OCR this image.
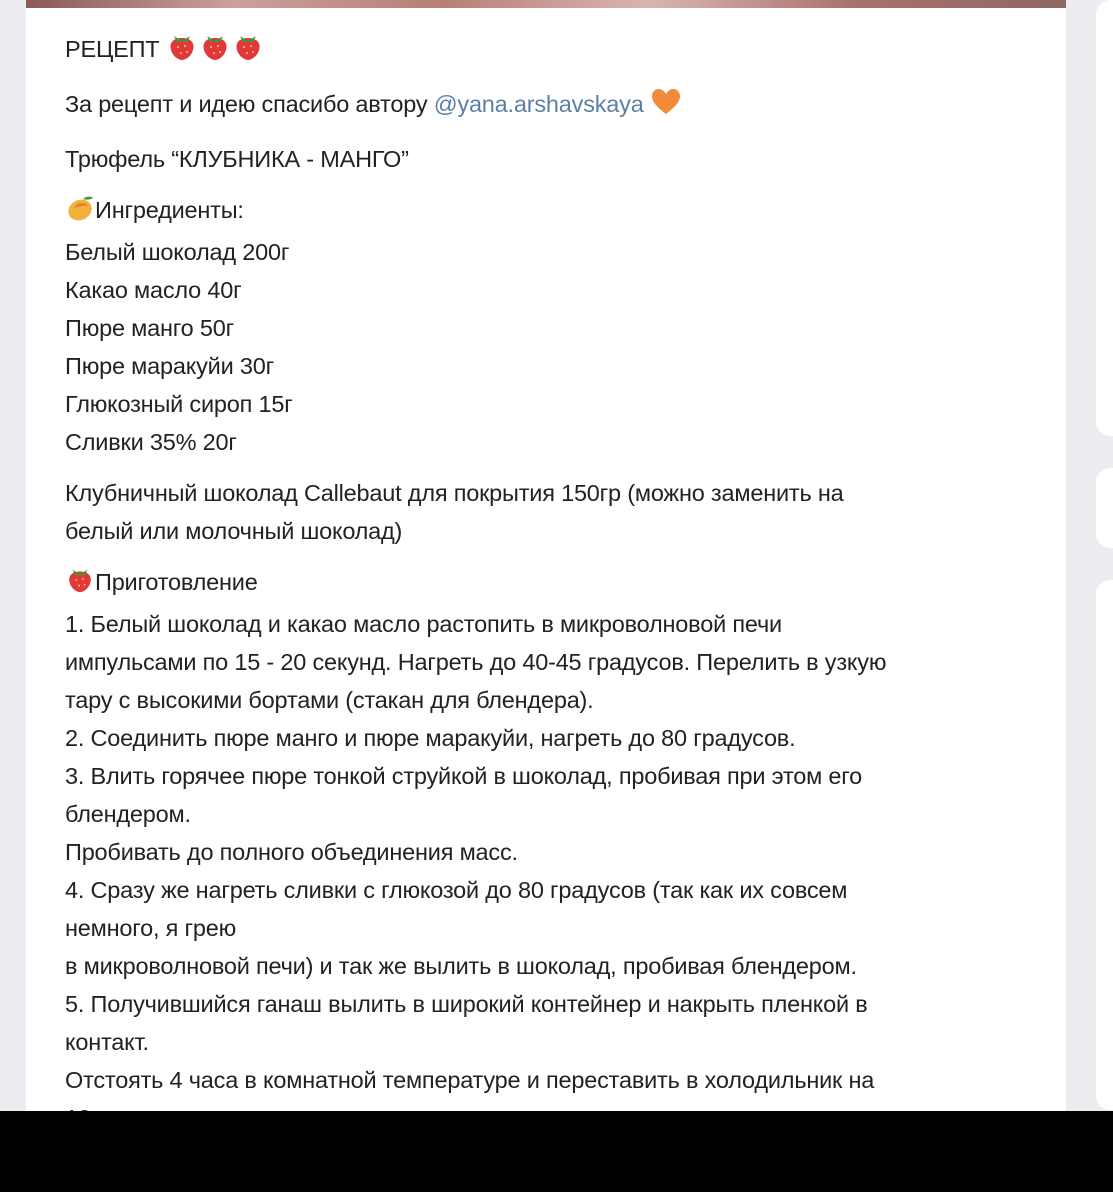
РЕЦЕПТ

За рецепт и идею спасибо автору @yana.arshavskaya

Трюфель “КЛУБНИКА - МАНГО”

Ингредиенты:

Белый шоколад 200г

Какао масло 40г

Пюре манго 50г

Пюре маракуйи 30г

Глюкозный сироп 15г

Сливки 35% 20г

Клубничный шоколад Callebaut для покрытия 150гр (можно заменить на

белый или молочный шоколад)

Приготовление

1. Белый шоколад и какао масло растопить в микроволновой печи

импульсами по 15 - 20 секунд. Нагреть до 40-45 градусов. Перелить в узкую

тару с высокими бортами (стакан для блендера).

2. Соединить пюре манго и пюре маракуйи, нагреть до 80 градусов.

3. Влить горячее пюре тонкой струйкой в шоколад, пробивая при этом его

блендером.

Пробивать до полного объединения масс.

4. Сразу же нагреть сливки с глюкозой до 80 градусов (так как их совсем

немного, я грею

в микроволновой печи) и так же вылить в шоколад, пробивая блендером.

5. Получившийся ганаш вылить в широкий контейнер и накрыть пленкой в

контакт.

Отстоять 4 часа в комнатной температуре и переставить в холодильник на
